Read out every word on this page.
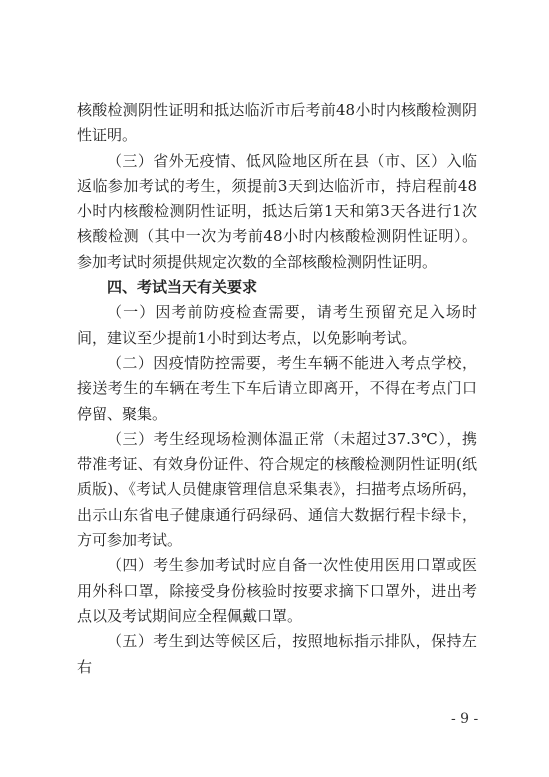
核酸检测阴性证明和抵达临沂市后考前48小时内核酸检测阴性证明。

（三）省外无疫情、低风险地区所在县（市、区）入临返临参加考试的考生，须提前3天到达临沂市，持启程前48小时内核酸检测阴性证明，抵达后第1天和第3天各进行1次核酸检测（其中一次为考前48小时内核酸检测阴性证明）。参加考试时须提供规定次数的全部核酸检测阴性证明。

四、考试当天有关要求

（一）因考前防疫检查需要，请考生预留充足入场时间，建议至少提前1小时到达考点，以免影响考试。

（二）因疫情防控需要，考生车辆不能进入考点学校，接送考生的车辆在考生下车后请立即离开，不得在考点门口停留、聚集。

（三）考生经现场检测体温正常（未超过37.3℃），携带准考证、有效身份证件、符合规定的核酸检测阴性证明(纸质版)、《考试人员健康管理信息采集表》，扫描考点场所码，出示山东省电子健康通行码绿码、通信大数据行程卡绿卡，方可参加考试。

（四）考生参加考试时应自备一次性使用医用口罩或医用外科口罩，除接受身份核验时按要求摘下口罩外，进出考点以及考试期间应全程佩戴口罩。

（五）考生到达等候区后，按照地标指示排队，保持左右

- 9 -
